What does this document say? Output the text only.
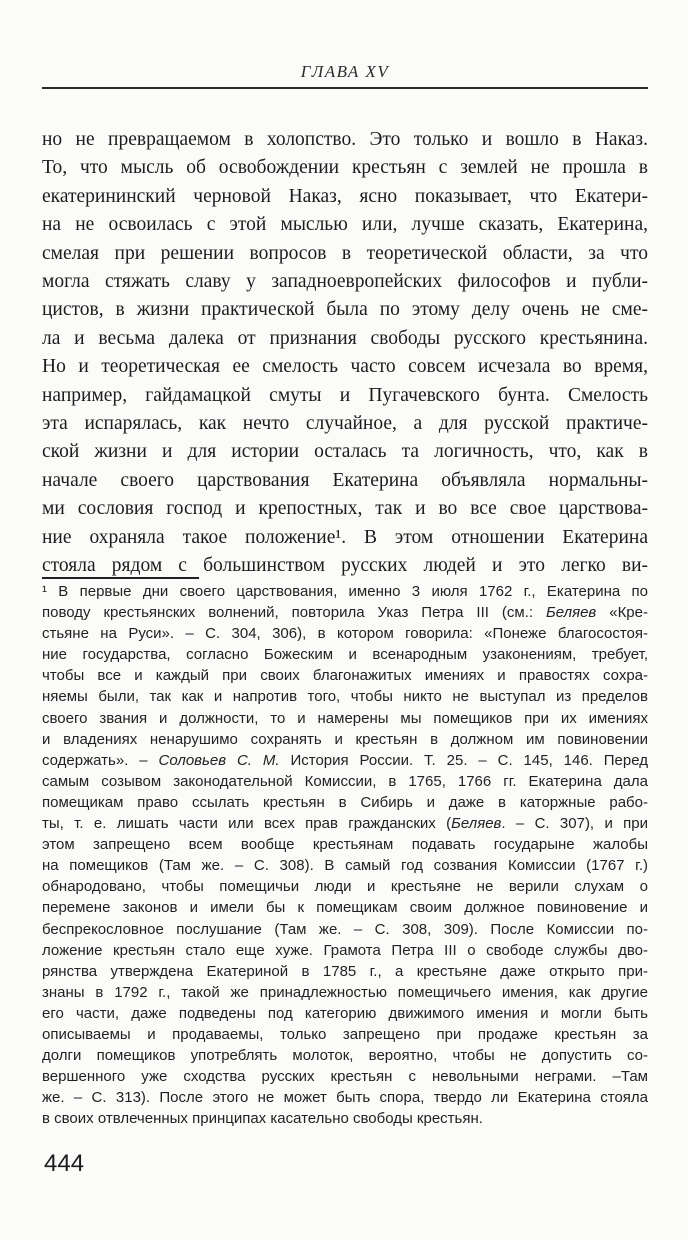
ГЛАВА XV
но не превращаемом в холопство. Это только и вошло в Наказ.
То, что мысль об освобождении крестьян с землей не прошла в
екатерининский черновой Наказ, ясно показывает, что Екатери-
на не освоилась с этой мыслью или, лучше сказать, Екатерина,
смелая при решении вопросов в теоретической области, за что
могла стяжать славу у западноевропейских философов и публи-
цистов, в жизни практической была по этому делу очень не сме-
ла и весьма далека от признания свободы русского крестьянина.
Но и теоретическая ее смелость часто совсем исчезала во время,
например, гайдамацкой смуты и Пугачевского бунта. Смелость
эта испарялась, как нечто случайное, а для русской практиче-
ской жизни и для истории осталась та логичность, что, как в
начале своего царствования Екатерина объявляла нормальны-
ми сословия господ и крепостных, так и во все свое царствова-
ние охраняла такое положение¹. В этом отношении Екатерина
стояла рядом с большинством русских людей и это легко ви-
¹ В первые дни своего царствования, именно 3 июля 1762 г., Екатерина по
поводу крестьянских волнений, повторила Указ Петра III (см.: Беляев «Кре-
стьяне на Руси». – С. 304, 306), в котором говорила: «Понеже благосостоя-
ние государства, согласно Божеским и всенародным узаконениям, требует,
чтобы все и каждый при своих благонажитых имениях и правостях сохра-
няемы были, так как и напротив того, чтобы никто не выступал из пределов
своего звания и должности, то и намерены мы помещиков при их имениях
и владениях ненарушимо сохранять и крестьян в должном им повиновении
содержать». – Соловьев С. М. История России. Т. 25. – С. 145, 146. Перед
самым созывом законодательной Комиссии, в 1765, 1766 гг. Екатерина дала
помещикам право ссылать крестьян в Сибирь и даже в каторжные рабо-
ты, т. е. лишать части или всех прав гражданских (Беляев. – С. 307), и при
этом запрещено всем вообще крестьянам подавать государыне жалобы
на помещиков (Там же. – С. 308). В самый год созвания Комиссии (1767 г.)
обнародовано, чтобы помещичьи люди и крестьяне не верили слухам о
перемене законов и имели бы к помещикам своим должное повиновение и
беспрекословное послушание (Там же. – С. 308, 309). После Комиссии по-
ложение крестьян стало еще хуже. Грамота Петра III о свободе службы дво-
рянства утверждена Екатериной в 1785 г., а крестьяне даже открыто при-
знаны в 1792 г., такой же принадлежностью помещичьего имения, как другие
его части, даже подведены под категорию движимого имения и могли быть
описываемы и продаваемы, только запрещено при продаже крестьян за
долги помещиков употреблять молоток, вероятно, чтобы не допустить со-
вершенного уже сходства русских крестьян с невольными неграми. –Там
же. – С. 313). После этого не может быть спора, твердо ли Екатерина стояла
в своих отвлеченных принципах касательно свободы крестьян.
444
